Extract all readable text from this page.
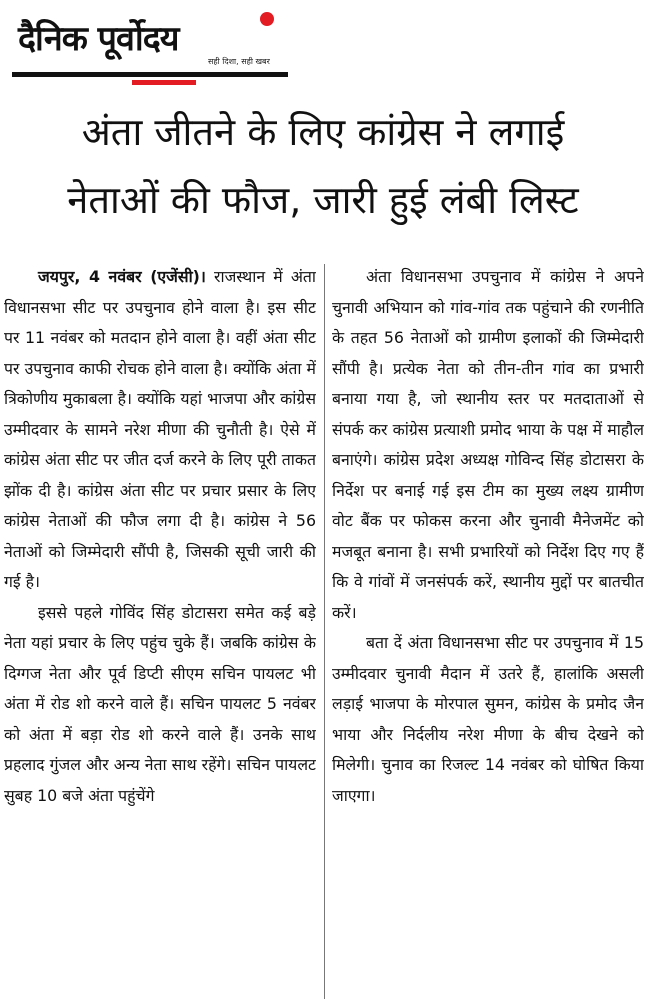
दैनिक पूर्वोदय
सही दिशा, सही खबर
अंता जीतने के लिए कांग्रेस ने लगाई
नेताओं की फौज, जारी हुई लंबी लिस्ट

जयपुर, 4 नवंबर (एजेंसी)। राजस्थान में अंता विधानसभा सीट पर उपचुनाव होने वाला है। इस सीट पर 11 नवंबर को मतदान होने वाला है। वहीं अंता सीट पर उपचुनाव काफी रोचक होने वाला है। क्योंकि अंता में त्रिकोणीय मुकाबला है। क्योंकि यहां भाजपा और कांग्रेस उम्मीदवार के सामने नरेश मीणा की चुनौती है। ऐसे में कांग्रेस अंता सीट पर जीत दर्ज करने के लिए पूरी ताकत झोंक दी है। कांग्रेस अंता सीट पर प्रचार प्रसार के लिए कांग्रेस नेताओं की फौज लगा दी है। कांग्रेस ने 56 नेताओं को जिम्मेदारी सौंपी है, जिसकी सूची जारी की गई है।

इससे पहले गोविंद सिंह डोटासरा समेत कई बड़े नेता यहां प्रचार के लिए पहुंच चुके हैं। जबकि कांग्रेस के दिग्गज नेता और पूर्व डिप्टी सीएम सचिन पायलट भी अंता में रोड शो करने वाले हैं। सचिन पायलट 5 नवंबर को अंता में बड़ा रोड शो करने वाले हैं। उनके साथ प्रहलाद गुंजल और अन्य नेता साथ रहेंगे। सचिन पायलट सुबह 10 बजे अंता पहुंचेंगे

अंता विधानसभा उपचुनाव में कांग्रेस ने अपने चुनावी अभियान को गांव-गांव तक पहुंचाने की रणनीति के तहत 56 नेताओं को ग्रामीण इलाकों की जिम्मेदारी सौंपी है। प्रत्येक नेता को तीन-तीन गांव का प्रभारी बनाया गया है, जो स्थानीय स्तर पर मतदाताओं से संपर्क कर कांग्रेस प्रत्याशी प्रमोद भाया के पक्ष में माहौल बनाएंगे। कांग्रेस प्रदेश अध्यक्ष गोविन्द सिंह डोटासरा के निर्देश पर बनाई गई इस टीम का मुख्य लक्ष्य ग्रामीण वोट बैंक पर फोकस करना और चुनावी मैनेजमेंट को मजबूत बनाना है। सभी प्रभारियों को निर्देश दिए गए हैं कि वे गांवों में जनसंपर्क करें, स्थानीय मुद्दों पर बातचीत करें।

बता दें अंता विधानसभा सीट पर उपचुनाव में 15 उम्मीदवार चुनावी मैदान में उतरे हैं, हालांकि असली लड़ाई भाजपा के मोरपाल सुमन, कांग्रेस के प्रमोद जैन भाया और निर्दलीय नरेश मीणा के बीच देखने को मिलेगी। चुनाव का रिजल्ट 14 नवंबर को घोषित किया जाएगा।
